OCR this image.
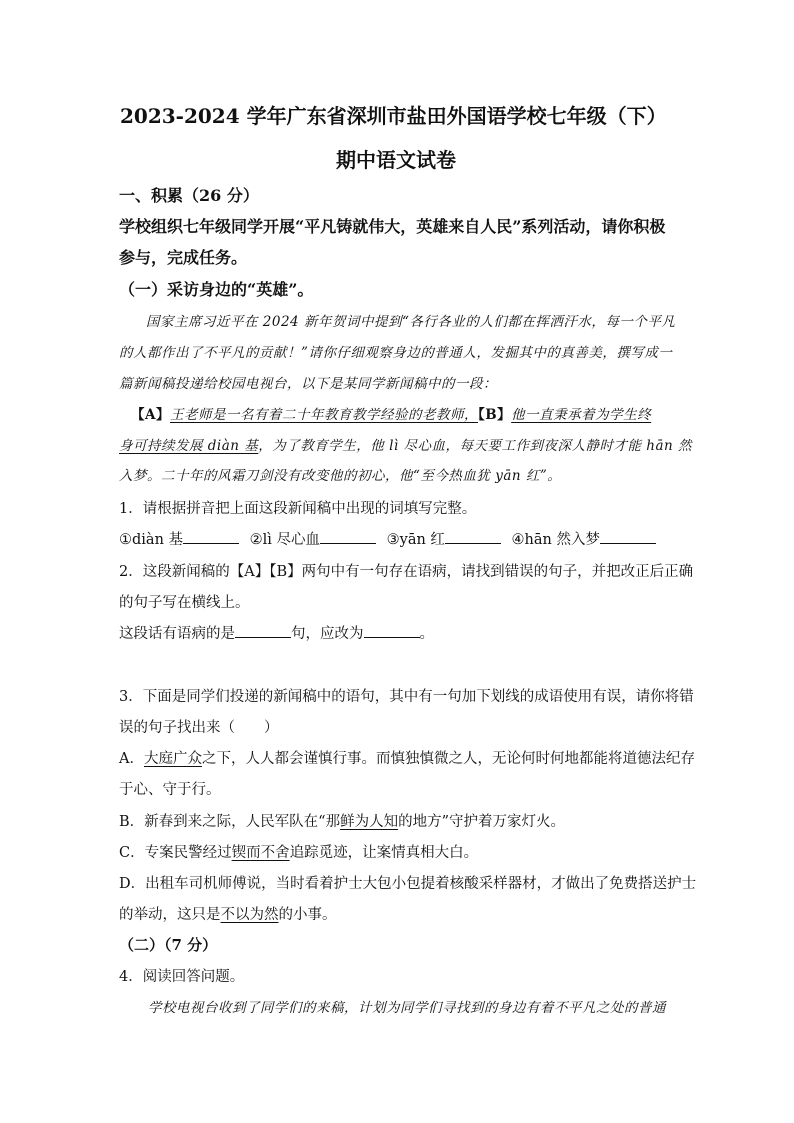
2023-2024 学年广东省深圳市盐田外国语学校七年级（下）
期中语文试卷
一、积累（26 分）
学校组织七年级同学开展“平凡铸就伟大，英雄来自人民”系列活动，请你积极
参与，完成任务。
（一）采访身边的“英雄”。
国家主席习近平在 2024 新年贺词中提到“各行各业的人们都在挥洒汗水，每一个平凡
的人都作出了不平凡的贡献！”请你仔细观察身边的普通人，发掘其中的真善美，撰写成一
篇新闻稿投递给校园电视台，以下是某同学新闻稿中的一段：
【A】王老师是一名有着二十年教育教学经验的老教师，【B】他一直秉承着为学生终
身可持续发展 diàn 基，为了教育学生，他 lì 尽心血，每天要工作到夜深人静时才能 hān 然
入梦。二十年的风霜刀剑没有改变他的初心，他“至今热血犹 yān 红”。
1．请根据拼音把上面这段新闻稿中出现的词填写完整。
①diàn 基	②lì 尽心血	③yān 红	④hān 然入梦
2．这段新闻稿的【A】【B】两句中有一句存在语病，请找到错误的句子，并把改正后正确
的句子写在横线上。
这段话有语病的是	句，应改为	。
3．下面是同学们投递的新闻稿中的语句，其中有一句加下划线的成语使用有误，请你将错
误的句子找出来（　　）
A．大庭广众之下，人人都会谨慎行事。而慎独慎微之人，无论何时何地都能将道德法纪存
于心、守于行。
B．新春到来之际，人民军队在“那鲜为人知的地方”守护着万家灯火。
C．专案民警经过锲而不舍追踪觅迹，让案情真相大白。
D．出租车司机师傅说，当时看着护士大包小包提着核酸采样器材，才做出了免费搭送护士
的举动，这只是不以为然的小事。
（二）（7 分）
4．阅读回答问题。
学校电视台收到了同学们的来稿，计划为同学们寻找到的身边有着不平凡之处的普通
